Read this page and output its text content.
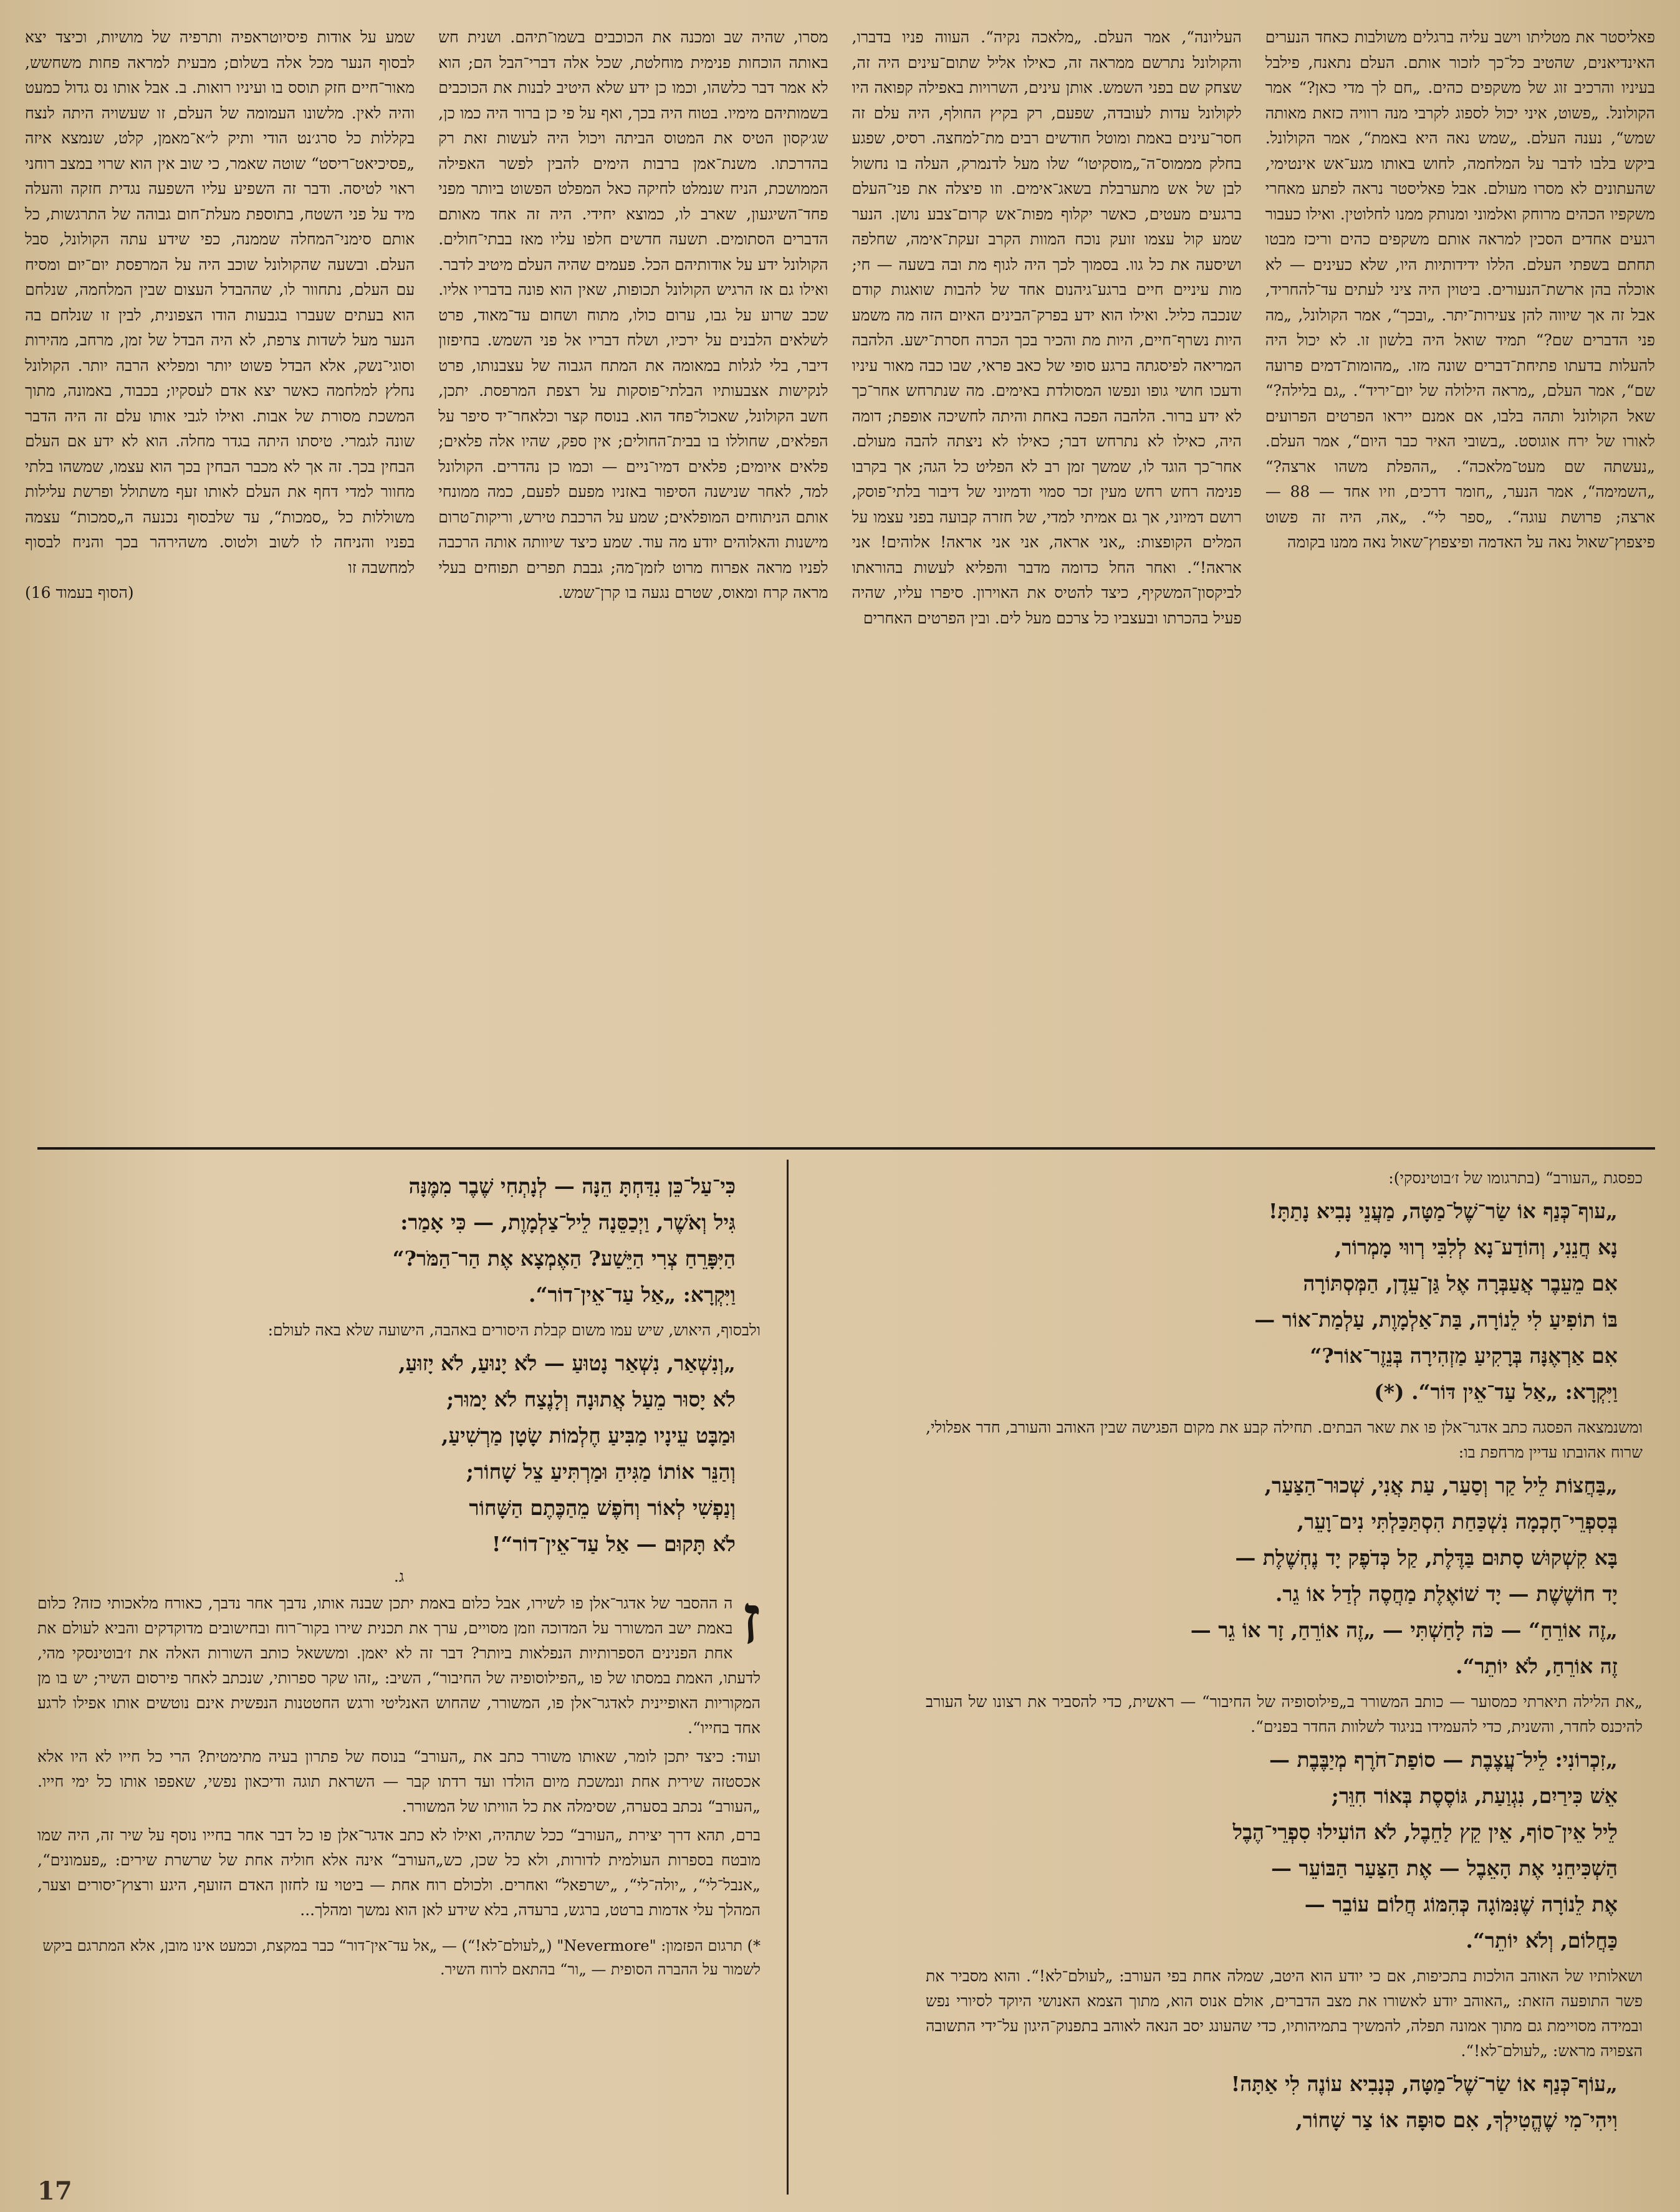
פאליסטר את מטליתו וישב עליה ברגלים משולבות כאחד הנערים האינדיאנים, שהטיב כל־כך לזכור אותם. העלם נתאנח, פילבל בעיניו והרכיב זוג של משקפים כהים. „חם לך מדי כאן?“ אמר הקולונל. „פשוט, איני יכול לספוג לקרבי מנה רוויה כזאת מאותה שמש“, נענה העלם. „שמש נאה היא באמת“, אמר הקולונל. ביקש בלבו לדבר על המלחמה, לחוש באותו מגע־אש אינטימי, שהעתונים לא מסרו מעולם. אבל פאליסטר נראה לפתע מאחרי משקפיו הכהים מרוחק ואלמוני ומנותק ממנו לחלוטין. ואילו כעבור רגעים אחדים הסכין למראה אותם משקפים כהים וריכז מבטו תחתם בשפתי העלם. הללו ידידותיות היו, שלא כעינים — לא אוכלה בהן ארשת־הנעורים. ביטוין היה ציני לעתים עד־להחריד, אבל זה אך שיווה להן צעירות־יתר. „ובכך“, אמר הקולונל, „מה פני הדברים שם?“ תמיד שואל היה בלשון זו. לא יכול היה להעלות בדעתו פתיחת־דברים שונה מזו. „מהומות־דמים פרועה שם“, אמר העלם, „מראה הילולה של יום־יריד“. „גם בלילה?“ שאל הקולונל ותהה בלבו, אם אמנם ייראו הפרטים הפרועים לאורו של ירח אוגוסט. „בשובי האיר כבר היום“, אמר העלם. „נעשתה שם מעט־מלאכה“. „ההפלת משהו ארצה?“ „השמימה“, אמר הנער, „חומר דרכים, וזיו אחד — 88 — ארצה; פרושת עוגה“. „ספר לי“. „אה, היה זה פשוט פיצפוץ־שאול נאה על האדמה ופיצפוץ־שאול נאה ממנו בקומה

העליונה“, אמר העלם. „מלאכה נקיה“. העווה פניו בדברו, והקולונל נתרשם ממראה זה, כאילו אליל שתום־עינים היה זה, שצחק שם בפני השמש. אותן עינים, השרויות באפילה קפואה היו לקולונל עדות לעובדה, שפעם, רק בקיץ החולף, היה עלם זה חסר־עינים באמת ומוטל חודשים רבים מת־למחצה. רסיס, שפגע בחלק מממוס־ה־„מוסקיטו“ שלו מעל לדנמרק, העלה בו נחשול לבן של אש מתערבלת בשאג־אימים. וזו פיצלה את פני־העלם ברגעים מעטים, כאשר יקלוף מפות־אש קרום־צבע נושן. הנער שמע קול עצמו זועק נוכח המוות הקרב זעקת־אימה, שחלפה ושיסעה את כל גוו. בסמוך לכך היה לגוף מת ובה בשעה — חי; מות עיניים חיים ברגע־גיהנום אחד של להבות שואגות קודם שנכבה כליל. ואילו הוא ידע בפרק־הבינים האיום הזה מה משמע היות נשרף־חיים, היות מת והכיר בכך הכרה חסרת־ישע. הלהבה המריאה לפיסגתה ברגע סופי של כאב פראי, שבו כבה מאור עיניו ודעכו חושי גופו ונפשו המסולדת באימים. מה שנתרחש אחר־כך לא ידע ברור. הלהבה הפכה באחת והיתה לחשיכה אופפת; דומה היה, כאילו לא נתרחש דבר; כאילו לא ניצתה להבה מעולם. אחר־כך הוגד לו, שמשך זמן רב לא הפליט כל הגה; אך בקרבו פנימה רחש רחש מעין זכר סמוי ודמיוני של דיבור בלתי־פוסק, רושם דמיוני, אך גם אמיתי למדי, של חזרה קבועה בפני עצמו על המלים הקופצות: „אני אראה, אני אני אראה! אלוהים! אני אראה!“. ואחר החל כדומה מדבר והפליא לעשות בהוראתו לביקסון־המשקיף, כיצד להטיס את האוירון. סיפרו עליו, שהיה פעיל בהכרתו ובעצביו כל צרכם מעל לים. ובין הפרטים האחרים

מסרו, שהיה שב ומכנה את הכוכבים בשמו־תיהם. ושנית חש באותה הוכחות פנימית מוחלטת, שכל אלה דברי־הבל הם; הוא לא אמר דבר כלשהו, וכמו כן ידע שלא היטיב לבנות את הכוכבים בשמותיהם מימיו. בטוח היה בכך, ואף על פי כן ברור היה כמו כן, שג׳קסון הטיס את המטוס הביתה ויכול היה לעשות זאת רק בהדרכתו. משנת־אמן ברבות הימים להבין לפשר האפילה הממושכת, הניח שנמלט לחיקה כאל המפלט הפשוט ביותר מפני פחד־השיגעון, שארב לו, כמוצא יחידי. היה זה אחד מאותם הדברים הסתומים. תשעה חדשים חלפו עליו מאז בבתי־חולים. הקולונל ידע על אודותיהם הכל. פעמים שהיה העלם מיטיב לדבר. ואילו גם אז הרגיש הקולונל תכופות, שאין הוא פונה בדבריו אליו. שכב שרוע על גבו, ערום כולו, מתוח ושחום עד־מאוד, פרט לשלאים הלבנים על ירכיו, ושלח דבריו אל פני השמש. בחיפזון דיבר, בלי לגלות במאומה את המתח הגבוה של עצבנותו, פרט לנקישות אצבעותיו הבלתי־פוסקות על רצפת המרפסת. יתכן, חשב הקולונל, שאכול־פחד הוא. בנוסח קצר וכלאחר־יד סיפר על הפלאים, שחוללו בו בבית־החולים; אין ספק, שהיו אלה פלאים; פלאים איומים; פלאים דמיו־ניים — וכמו כן נהדרים. הקולונל למד, לאחר שנישנה הסיפור באזניו מפעם לפעם, כמה ממונחי אותם הניתוחים המופלאים; שמע על הרכבת טירש, וריקות־טרום מישנות והאלוהים יודע מה עוד. שמע כיצד שיוותה אותה הרכבה לפניו מראה אפרוח מרוט לזמן־מה; גבבת תפרים תפוחים בעלי מראה קרח ומאוס, שטרם נגעה בו קרן־שמש.

שמע על אודות פיסיוטראפיה ותרפיה של מושיות, וכיצד יצא לבסוף הנער מכל אלה בשלום; מבעית למראה פחות משחשש, מאור־חיים חזק תוסס בו ועיניו רואות. ב. אבל אותו נס גדול כמעט והיה לאין. מלשונו העמומה של העלם, זו שעשויה היתה לנצח בקללות כל סרג׳נט הודי ותיק ל״א־מאמן, קלט, שנמצא איזה „פסיכיאט־ריסט“ שוטה שאמר, כי שוב אין הוא שרוי במצב רוחני ראוי לטיסה. ודבר זה השפיע עליו השפעה נגדית חזקה והעלה מיד על פני השטח, בתוספת מעלת־חום גבוהה של התרגשות, כל אותם סימני־המחלה שממנה, כפי שידע עתה הקולונל, סבל העלם. ובשעה שהקולונל שוכב היה על המרפסת יום־יום ומסיח עם העלם, נתחוור לו, שההבדל העצום שבין המלחמה, שנלחם הוא בעתים שעברו בגבעות הודו הצפונית, לבין זו שנלחם בה הנער מעל לשדות צרפת, לא היה הבדל של זמן, מרחב, מהירות וסוגי־נשק, אלא הבדל פשוט יותר ומפליא הרבה יותר. הקולונל נחלץ למלחמה כאשר יצא אדם לעסקיו; בכבוד, באמונה, מתוך המשכת מסורת של אבות. ואילו לגבי אותו עלם זה היה הדבר שונה לגמרי. טיסתו היתה בגדר מחלה. הוא לא ידע אם העלם הבחין בכך. זה אך לא מכבר הבחין בכך הוא עצמו, שמשהו בלתי מחוור למדי דחף את העלם לאותו זעף משתולל ופרשת עלילות משוללות כל „סמכות“, עד שלבסוף נכנעה ה„סמכות“ עצמה בפניו והניחה לו לשוב ולטוס. משהירהר בכך והניח לבסוף למחשבה זו

(הסוף בעמוד 16)

כפסגת „העורב“ (בתרגומו של ז׳בוטינסקי):

„עוף־כְּנַף אוֹ שַׂר־שֶׁל־מַטָּה, מַעֲנֵי נָבִיא נָתַתָּ!
נָא חֲנֵנִי, וְהוֹדַע־נָא לְלִבִּי רְווּי מָמְרוֹר,
אִם מֵעֵבֶר אֲעַבְּרָה אֶל גַּן־עֵדֶן, הַמְּסְתּוֹרָה
בּוֹ תוֹפִיעַ לִי לֵנוֹרָה, בַּת־אַלְמָוֶת, עַלְמַת־אוֹר —
אִם אַרְאֶנָּה בְּרָקִיעַ מַזְהִירָה בְּנֵזֶר־אוֹר?“
וַיִּקְרָא: „אַל עַד־אֵין דּוֹר“. (*)

ומשנמצאה הפסגה כתב אדגר־אלן פו את שאר הבתים. תחילה קבע את מקום הפגישה שבין האוהב והעורב, חדר אפלולי, שרוח אהובתו עדיין מרחפת בו:

„בַּחֲצוֹת לֵיל קַר וְסַעַר, עַת אֲנִי, שְׁכוּר־הַצַּעַר,
בְּסִפְרֵי־חָכְמָה נִשְׁכַּחַת הִסְתַּכַּלְתִּי נִים־וָעֵר,
בָּא קִשְׁקוּשׁ סָתוּם בַּדֶּלֶת, קַל כְּדֹפֶק יָד נֶחְשֶׁלֶת —
יָד חוֹשֶׁשֶׁת — יָד שׁוֹאֶלֶת מַחֲסֶה לְדַל אוֹ גֵר.
„זֶה אוֹרֵחַ“ — כֹּה לָחַשְׁתִּי — „זֶה אוֹרֵחַ, זָר אוֹ גֵר —
זֶה אוֹרֵחַ, לֹא יוֹתֵר“.

„את הלילה תיארתי כמסוער — כותב המשורר ב„פילוסופיה של החיבור“ — ראשית, כדי להסביר את רצונו של העורב להיכנס לחדר, והשנית, כדי להעמידו בניגוד לשלוות החדר בפנים“.

„זִכְרוֹנִי: לֵיל־עֲצֶבֶת — סוֹפַת־חֹרֶף מְיַבֶּבֶת —
אֵשׁ כִּירַיִם, נִגְוַעַת, גּוֹסֶסֶת בְּאוֹר חִוֵּר;
לֵיל אֵין־סוֹף, אֵין קֵץ לַחֵבֶל, לֹא הוֹעִילוּ סִפְרֵי־הֶבֶל
הַשְׁכִּיחֵנִי אֶת הָאֵבֶל — אֶת הַצַּעַר הַבּוֹעֵר —
אֶת לֵנוֹרָה שֶׁנִּמּוֹגָה כְּהִמּוֹג חֲלוֹם עוֹבֵר —
כַּחֲלוֹם, וְלֹא יוֹתֵר“.

ושאלותיו של האוהב הולכות בתכיפות, אם כי יודע הוא היטב, שמלה אחת בפי העורב: „לעולם־לא!“. והוא מסביר את פשר התופעה הזאת: „האוהב יודע לאשורו את מצב הדברים, אולם אנוס הוא, מתוך הצמא האנושי היוקד לסיורי נפש ובמידה מסויימת גם מתוך אמונה תפלה, להמשיך בתמיהותיו, כדי שהעונג יסב הנאה לאוהב בתפנוק־היגון על־ידי התשובה הצפויה מראש: „לעולם־לא!“.

„עוֹף־כְּנַף אוֹ שַׂר־שֶׁל־מַטָּה, כְּנָבִיא עוֹנֶה לִי אַתָּה!
וִיהִי־מִי שֶׁהֱטִילְךָ, אִם סוּפָה אוֹ צַר שָׁחוֹר,
כִּי־עַל־כֵּן נִדַּחְתָּ הֵנָּה — לְנָתְחִי שֶׁבֶר מִמֶּנָּה
גִּיל וְאֹשֶׁר, וַיְכַסֵּנָה לֵיל־צַלְמָוֶת, — כִּי אָמַר:
הַיִּפָּרֵחַ צְרִי הַיֵּשַׁע? הַאֶמְצָא אֶת הַר־הַמֹּר?“
וַיִּקְרָא: „אַל עַד־אֵין־דוֹר“.

ולבסוף, היאוש, שיש עמו משום קבלת היסורים באהבה, הישועה שלא באה לעולם:

„וְנִשְׁאַר, נִשְׁאַר נָטוּעַ — לֹא יָנוּעַ, לֹא יָזוּעַ,
לֹא יָסוּר מֵעַל אֲתוּנָה וְלָנֶצַח לֹא יָמוּר;
וּמַבָּט עֵינָיו מַבִּיעַ חֶלְמוֹת שָׂטָן מַרְשִׁיעַ,
וְהַנֵּר אוֹתוֹ מַגִּיהַ וּמַרְתִּיעַ צֵל שָׁחוֹר;
וְנַפְשִׁי לְאוֹר וְחֹפֶשׁ מֵהַכֶּתֶם הַשָּׁחוֹר
לֹא תָּקוּם — אַל עַד־אֵין־דוֹר“!
ג.

ז
ה ההסבר של אדגר־אלן פו לשירו, אבל כלום באמת יתכן שבנה אותו, נדבך אחר נדבך, כאורח מלאכותי כזה? כלום באמת ישב המשורר על המדוכה וזמן מסויים, ערך את תכנית שירו בקור־רוח ובחישובים מדוקדקים והביא לעולם את אחת הפנינים הספרותיות הנפלאות ביותר? דבר זה לא יאמן. ומששאל כותב השורות האלה את ז׳בוטינסקי מהי, לדעתו, האמת במסתו של פו „הפילוסופיה של החיבור“, השיב: „זהו שקר ספרותי, שנכתב לאחר פירסום השיר; יש בו מן המקוריות האופיינית לאדגר־אלן פו, המשורר, שהחוש האנליטי ורגש החטטנות הנפשית אינם נוטשים אותו אפילו לרגע אחד בחייו“.

ועוד: כיצד יתכן לומר, שאותו משורר כתב את „העורב“ בנוסח של פתרון בעיה מתימטית? הרי כל חייו לא היו אלא אכסטזה שירית אחת ונמשכת מיום הולדו ועד רדתו קבר — השראת תוגה ודיכאון נפשי, שאפפו אותו כל ימי חייו. „העורב“ נכתב בסערה, שסימלה את כל הוויתו של המשורר.

ברם, תהא דרך יצירת „העורב“ ככל שתהיה, ואילו לא כתב אדגר־אלן פו כל דבר אחר בחייו נוסף על שיר זה, היה שמו מובטח בספרות העולמית לדורות, ולא כל שכן, כש„העורב“ אינה אלא חוליה אחת של שרשרת שירים: „פעמונים“, „אנבל־לי“, „יולה־לי“, „ישרפאל“ ואחרים. ולכולם רוח אחת — ביטוי עז לחזון האדם הזועף, היגע ורצוץ־יסורים וצער, המהלך עלי אדמות ברטט, ברגש, ברעדה, בלא שידע לאן הוא נמשך ומהלך...

*) תרגום הפזמון: "Nevermore" („לעולם־לא!“) — „אל עד־אין־דור“ כבר במקצת, וכמעט אינו מובן, אלא המתרגם ביקש לשמור על ההברה הסופית — „ור“ בהתאם לרוח השיר.
17
